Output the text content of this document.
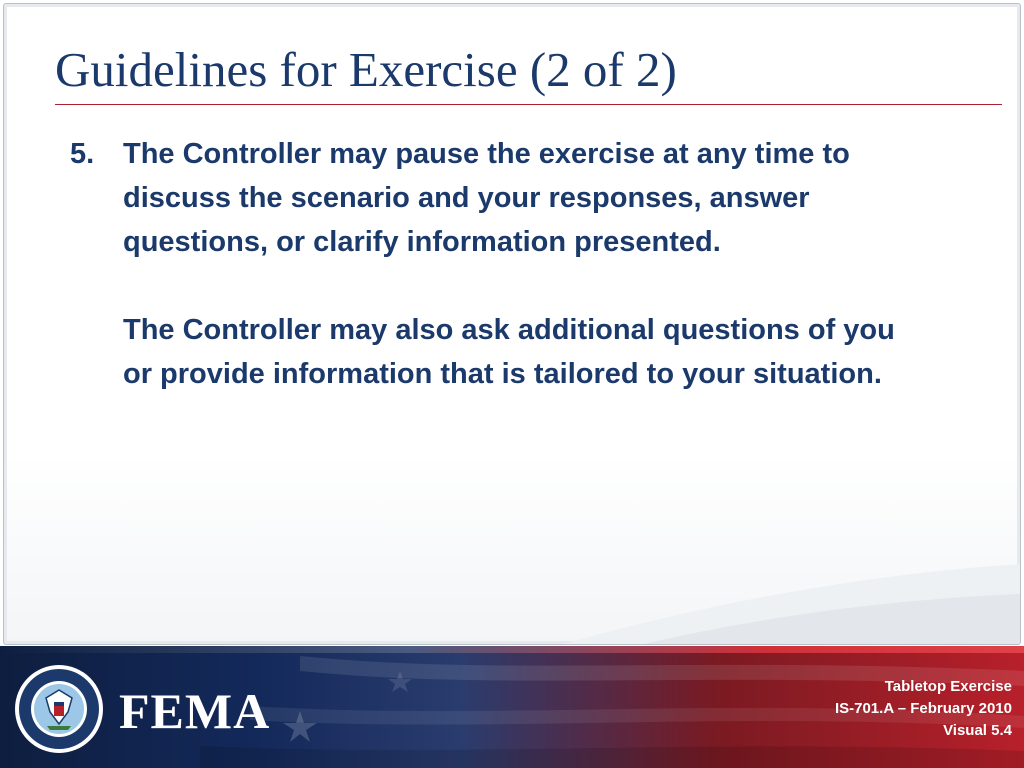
Guidelines for Exercise (2 of 2)

5. The Controller may pause the exercise at any time to discuss the scenario and your responses, answer questions, or clarify information presented.

The Controller may also ask additional questions of you or provide information that is tailored to your situation.

FEMA	Tabletop Exercise
IS-701.A – February 2010
Visual 5.4
